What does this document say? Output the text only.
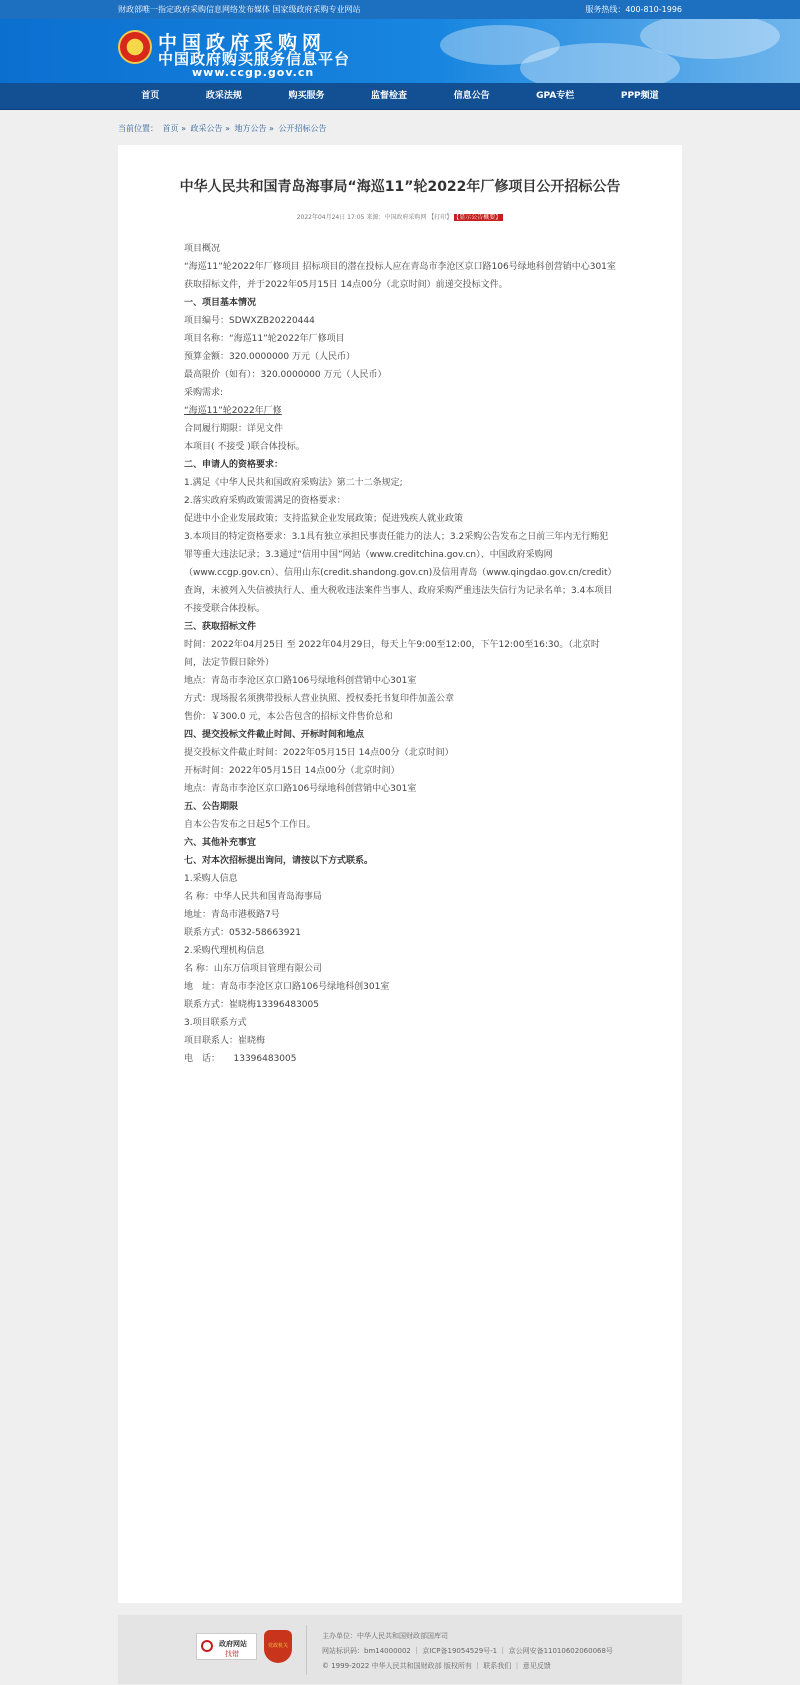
财政部唯一指定政府采购信息网络发布媒体 国家级政府采购专业网站	服务热线：400-810-1996
★ 中国政府采购网
中国政府购买服务信息平台
www.ccgp.gov.cn
首页	政采法规	购买服务	监督检查	信息公告	GPA专栏	PPP频道
当前位置： 首页 » 政采公告 » 地方公告 » 公开招标公告
中华人民共和国青岛海事局“海巡11”轮2022年厂修项目公开招标公告
2022年04月24日 17:05 来源：中国政府采购网 【打印】 【显示公告概要】

项目概况

“海巡11”轮2022年厂修项目 招标项目的潜在投标人应在青岛市李沧区京口路106号绿地科创营销中心301室获取招标文件，并于2022年05月15日 14点00分（北京时间）前递交投标文件。

一、项目基本情况

项目编号：SDWXZB20220444

项目名称：“海巡11”轮2022年厂修项目

预算金额：320.0000000 万元（人民币）

最高限价（如有）：320.0000000 万元（人民币）

采购需求:

“海巡11”轮2022年厂修

合同履行期限：详见文件

本项目( 不接受 )联合体投标。

二、申请人的资格要求：

1.满足《中华人民共和国政府采购法》第二十二条规定;

2.落实政府采购政策需满足的资格要求：

促进中小企业发展政策；支持监狱企业发展政策；促进残疾人就业政策

3.本项目的特定资格要求：3.1具有独立承担民事责任能力的法人；3.2采购公告发布之日前三年内无行贿犯罪等重大违法记录；3.3通过“信用中国”网站（www.creditchina.gov.cn）、中国政府采购网（www.ccgp.gov.cn）、信用山东(credit.shandong.gov.cn)及信用青岛（www.qingdao.gov.cn/credit）查询，未被列入失信被执行人、重大税收违法案件当事人、政府采购严重违法失信行为记录名单；3.4本项目不接受联合体投标。

三、获取招标文件

时间：2022年04月25日 至 2022年04月29日，每天上午9:00至12:00，下午12:00至16:30。（北京时间，法定节假日除外）

地点：青岛市李沧区京口路106号绿地科创营销中心301室

方式：现场报名须携带投标人营业执照、授权委托书复印件加盖公章

售价：￥300.0 元，本公告包含的招标文件售价总和

四、提交投标文件截止时间、开标时间和地点

提交投标文件截止时间：2022年05月15日 14点00分（北京时间）

开标时间：2022年05月15日 14点00分（北京时间）

地点：青岛市李沧区京口路106号绿地科创营销中心301室

五、公告期限

自本公告发布之日起5个工作日。

六、其他补充事宜

七、对本次招标提出询问，请按以下方式联系。

1.采购人信息

名 称：中华人民共和国青岛海事局

地址：青岛市港极路7号

联系方式：0532-58663921

2.采购代理机构信息

名 称：山东万信项目管理有限公司

地　址：青岛市李沧区京口路106号绿地科创301室

联系方式：崔晓梅13396483005

3.项目联系方式

项目联系人：崔晓梅

电　话：　　13396483005

政府网站
找错
党政机关
主办单位：中华人民共和国财政部国库司
网站标识码：bm14000002 ｜ 京ICP备19054529号-1 ｜ 京公网安备11010602060068号
© 1999-2022 中华人民共和国财政部 版权所有 ｜ 联系我们 ｜ 意见反馈
